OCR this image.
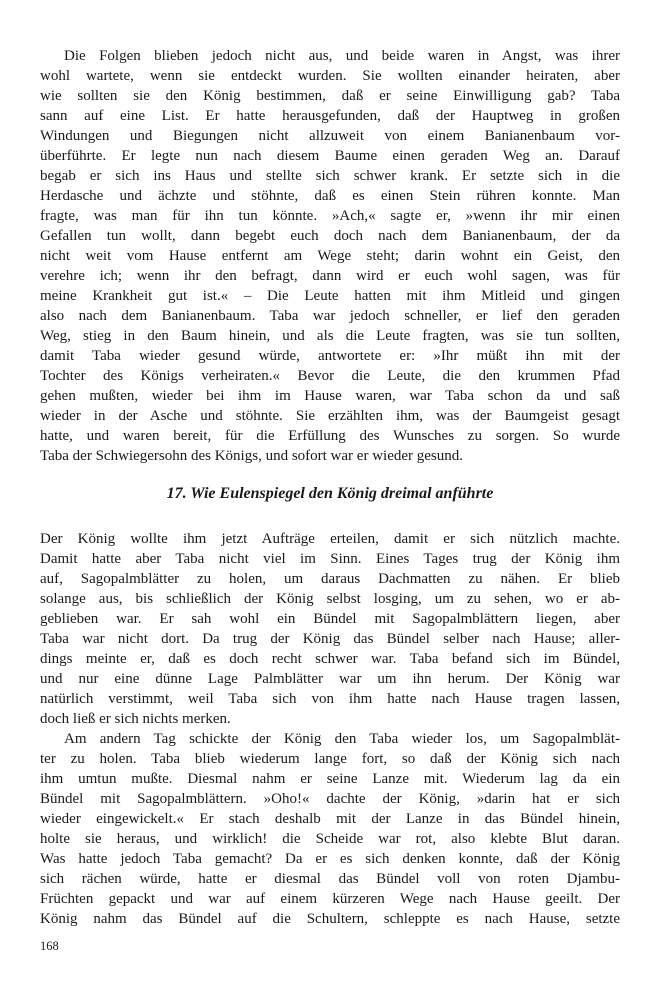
Die Folgen blieben jedoch nicht aus, und beide waren in Angst, was ihrer
wohl wartete, wenn sie entdeckt wurden. Sie wollten einander heiraten, aber
wie sollten sie den König bestimmen, daß er seine Einwilligung gab? Taba
sann auf eine List. Er hatte herausgefunden, daß der Hauptweg in großen
Windungen und Biegungen nicht allzuweit von einem Banianenbaum vor-
überführte. Er legte nun nach diesem Baume einen geraden Weg an. Darauf
begab er sich ins Haus und stellte sich schwer krank. Er setzte sich in die
Herdasche und ächzte und stöhnte, daß es einen Stein rühren konnte. Man
fragte, was man für ihn tun könnte. »Ach,« sagte er, »wenn ihr mir einen
Gefallen tun wollt, dann begebt euch doch nach dem Banianenbaum, der da
nicht weit vom Hause entfernt am Wege steht; darin wohnt ein Geist, den
verehre ich; wenn ihr den befragt, dann wird er euch wohl sagen, was für
meine Krankheit gut ist.« – Die Leute hatten mit ihm Mitleid und gingen
also nach dem Banianenbaum. Taba war jedoch schneller, er lief den geraden
Weg, stieg in den Baum hinein, und als die Leute fragten, was sie tun sollten,
damit Taba wieder gesund würde, antwortete er: »Ihr müßt ihn mit der
Tochter des Königs verheiraten.« Bevor die Leute, die den krummen Pfad
gehen mußten, wieder bei ihm im Hause waren, war Taba schon da und saß
wieder in der Asche und stöhnte. Sie erzählten ihm, was der Baumgeist gesagt
hatte, und waren bereit, für die Erfüllung des Wunsches zu sorgen. So wurde
Taba der Schwiegersohn des Königs, und sofort war er wieder gesund.
17. Wie Eulenspiegel den König dreimal anführte
Der König wollte ihm jetzt Aufträge erteilen, damit er sich nützlich machte.
Damit hatte aber Taba nicht viel im Sinn. Eines Tages trug der König ihm
auf, Sagopalmblätter zu holen, um daraus Dachmatten zu nähen. Er blieb
solange aus, bis schließlich der König selbst losging, um zu sehen, wo er ab-
geblieben war. Er sah wohl ein Bündel mit Sagopalmblättern liegen, aber
Taba war nicht dort. Da trug der König das Bündel selber nach Hause; aller-
dings meinte er, daß es doch recht schwer war. Taba befand sich im Bündel,
und nur eine dünne Lage Palmblätter war um ihn herum. Der König war
natürlich verstimmt, weil Taba sich von ihm hatte nach Hause tragen lassen,
doch ließ er sich nichts merken.
Am andern Tag schickte der König den Taba wieder los, um Sagopalmblät-
ter zu holen. Taba blieb wiederum lange fort, so daß der König sich nach
ihm umtun mußte. Diesmal nahm er seine Lanze mit. Wiederum lag da ein
Bündel mit Sagopalmblättern. »Oho!« dachte der König, »darin hat er sich
wieder eingewickelt.« Er stach deshalb mit der Lanze in das Bündel hinein,
holte sie heraus, und wirklich! die Scheide war rot, also klebte Blut daran.
Was hatte jedoch Taba gemacht? Da er es sich denken konnte, daß der König
sich rächen würde, hatte er diesmal das Bündel voll von roten Djambu-
Früchten gepackt und war auf einem kürzeren Wege nach Hause geeilt. Der
König nahm das Bündel auf die Schultern, schleppte es nach Hause, setzte
168
